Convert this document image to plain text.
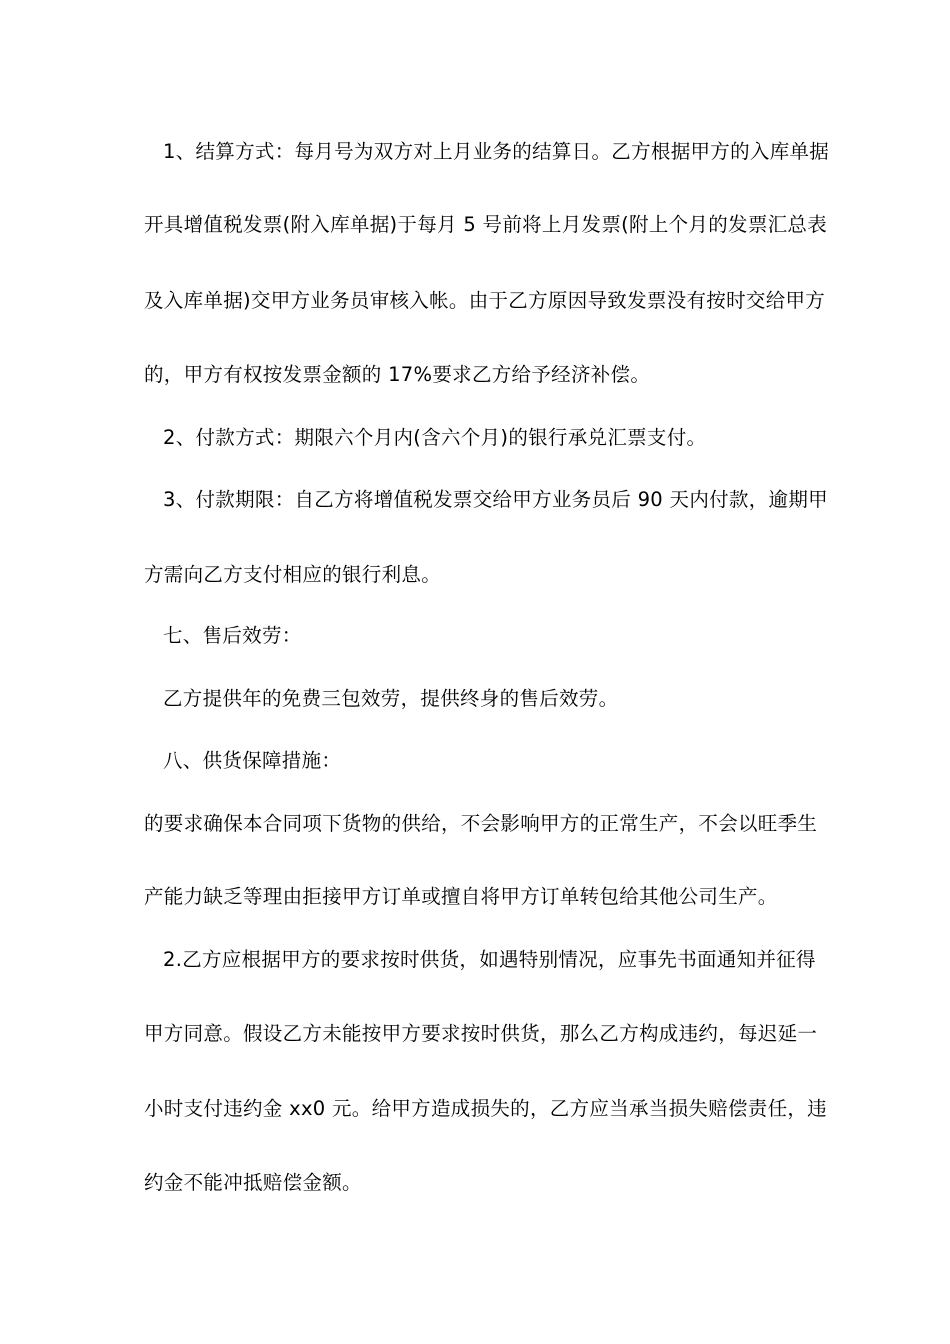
1、结算方式：每月号为双方对上月业务的结算日。乙方根据甲方的入库单据
开具增值税发票(附入库单据)于每月 5 号前将上月发票(附上个月的发票汇总表
及入库单据)交甲方业务员审核入帐。由于乙方原因导致发票没有按时交给甲方
的，甲方有权按发票金额的 17%要求乙方给予经济补偿。
2、付款方式：期限六个月内(含六个月)的银行承兑汇票支付。
3、付款期限：自乙方将增值税发票交给甲方业务员后 90 天内付款，逾期甲
方需向乙方支付相应的银行利息。
七、售后效劳：
乙方提供年的免费三包效劳，提供终身的售后效劳。
八、供货保障措施：
的要求确保本合同项下货物的供给，不会影响甲方的正常生产，不会以旺季生
产能力缺乏等理由拒接甲方订单或擅自将甲方订单转包给其他公司生产。
2.乙方应根据甲方的要求按时供货，如遇特别情况，应事先书面通知并征得
甲方同意。假设乙方未能按甲方要求按时供货，那么乙方构成违约，每迟延一
小时支付违约金 xx0 元。给甲方造成损失的，乙方应当承当损失赔偿责任，违
约金不能冲抵赔偿金额。
